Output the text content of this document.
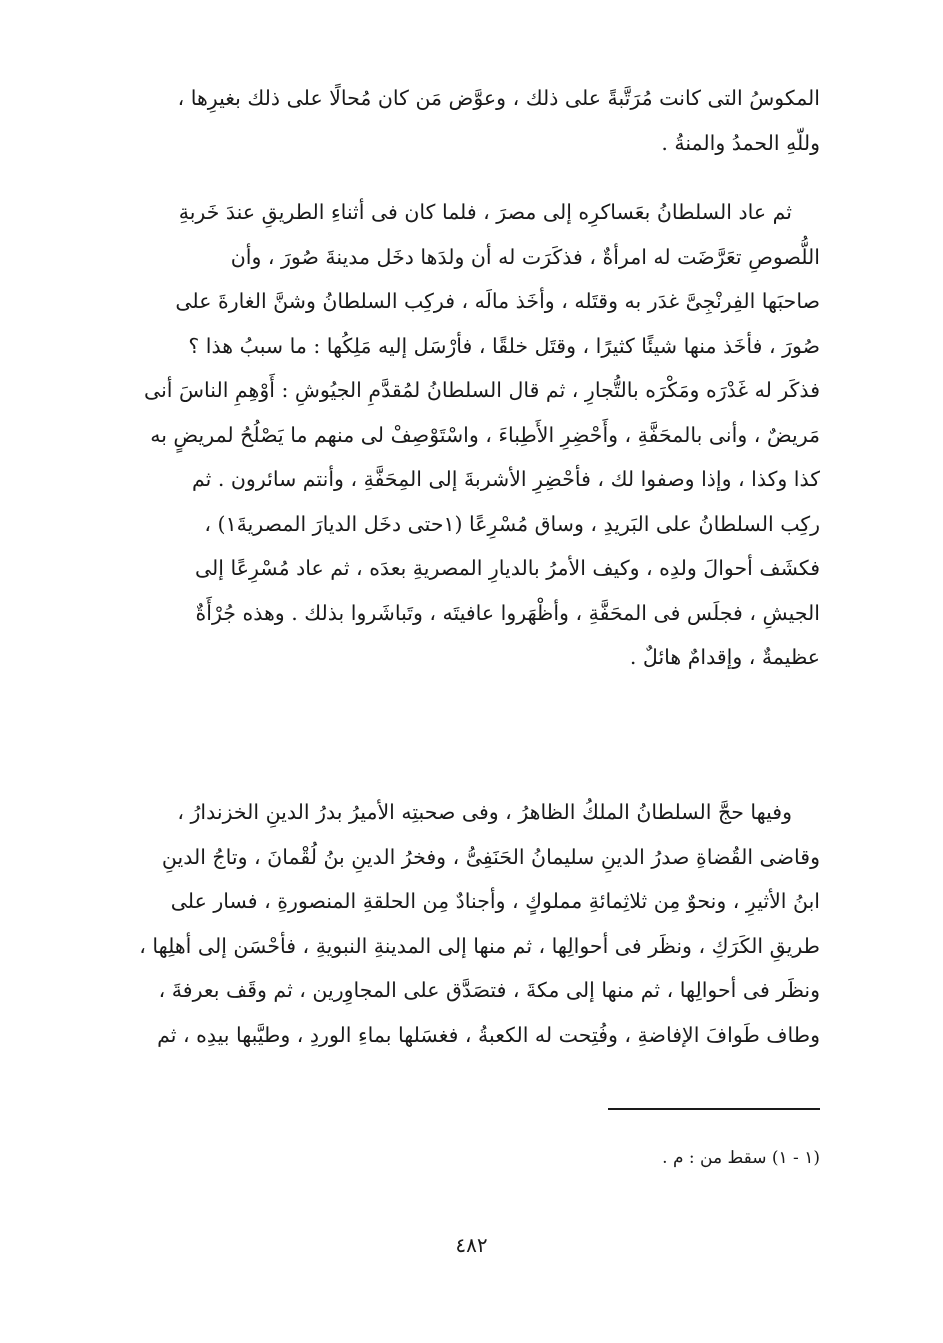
المكوسُ التى كانت مُرَتَّبةً على ذلك ، وعوَّض مَن كان مُحالًا على ذلك بغيرِها ،
وللّهِ الحمدُ والمنةُ .

ثم عاد السلطانُ بعَساكرِه إلى مصرَ ، فلما كان فى أثناءِ الطريقِ عندَ خَربةِ
اللُّصوصِ تعَرَّضَت له امرأةٌ ، فذكَرَت له أن ولدَها دخَل مدينةَ صُورَ ، وأن
صاحبَها الفِرنْجِىَّ غدَر به وقتَله ، وأخَذ مالَه ، فركِب السلطانُ وشنَّ الغارةَ على
صُورَ ، فأخَذ منها شيئًا كثيرًا ، وقتَل خلقًا ، فأرْسَل إليه مَلِكُها : ما سببُ هذا ؟
فذكَر له غَدْرَه ومَكْرَه بالتُّجارِ ، ثم قال السلطانُ لمُقدَّمِ الجيُوشِ : أَوْهِمِ الناسَ أنى
مَريضٌ ، وأنى بالمحَفَّةِ ، وأَحْضِرِ الأَطِباءَ ، واسْتَوْصِفْ لى منهم ما يَصْلُحُ لمريضٍ به
كذا وكذا ، وإذا وصفوا لك ، فأحْضِرِ الأشربةَ إلى المِحَفَّةِ ، وأنتم سائرون . ثم
ركِب السلطانُ على البَريدِ ، وساق مُسْرِعًا (١حتى دخَل الديارَ المصريةَ١) ،
فكشَف أحوالَ ولدِه ، وكيف الأمرُ بالديارِ المصريةِ بعدَه ، ثم عاد مُسْرِعًا إلى
الجيشِ ، فجلَس فى المحَفَّةِ ، وأظْهَروا عافيتَه ، وتَباشَروا بذلك . وهذه جُرْأَةٌ
عظيمةٌ ، وإقدامٌ هائلٌ .

وفيها حجَّ السلطانُ الملكُ الظاهرُ ، وفى صحبتِه الأميرُ بدرُ الدينِ الخزندارُ ،
وقاضى القُضاةِ صدرُ الدينِ سليمانُ الحَنَفِىُّ ، وفخرُ الدينِ بنُ لُقْمانَ ، وتاجُ الدينِ
ابنُ الأثيرِ ، ونحوٌ مِن ثلاثِمائةِ مملوكٍ ، وأجنادٌ مِن الحلقةِ المنصورةِ ، فسار على
طريقِ الكَرَكِ ، ونظَر فى أحوالِها ، ثم منها إلى المدينةِ النبويةِ ، فأحْسَن إلى أهلِها ،
ونظَر فى أحوالِها ، ثم منها إلى مكةَ ، فتصَدَّق على المجاوِرين ، ثم وقَف بعرفةَ ،
وطاف طَوافَ الإفاضةِ ، وفُتِحت له الكعبةُ ، فغسَلها بماءِ الوردِ ، وطيَّبها بيدِه ، ثم

(١ - ١) سقط من : م .
٤٨٢
